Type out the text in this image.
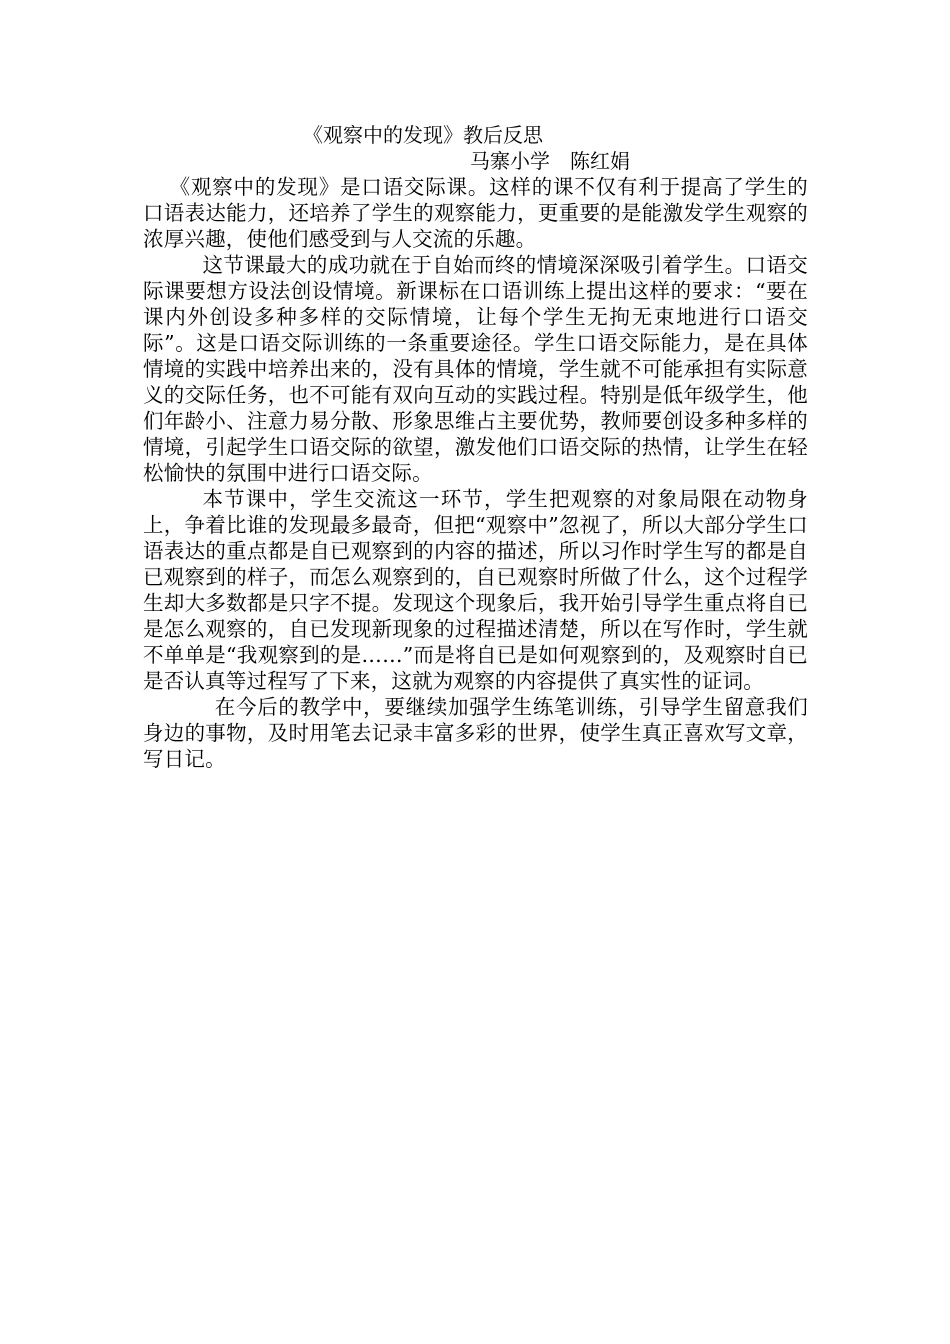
《观察中的发现》教后反思
马寨小学　陈红娟

《观察中的发现》是口语交际课。这样的课不仅有利于提高了学生的口语表达能力，还培养了学生的观察能力，更重要的是能激发学生观察的浓厚兴趣，使他们感受到与人交流的乐趣。

这节课最大的成功就在于自始而终的情境深深吸引着学生。口语交际课要想方设法创设情境。新课标在口语训练上提出这样的要求：“要在课内外创设多种多样的交际情境，让每个学生无拘无束地进行口语交际”。这是口语交际训练的一条重要途径。学生口语交际能力，是在具体情境的实践中培养出来的，没有具体的情境，学生就不可能承担有实际意义的交际任务，也不可能有双向互动的实践过程。特别是低年级学生，他们年龄小、注意力易分散、形象思维占主要优势，教师要创设多种多样的情境，引起学生口语交际的欲望，激发他们口语交际的热情，让学生在轻松愉快的氛围中进行口语交际。

本节课中，学生交流这一环节，学生把观察的对象局限在动物身上，争着比谁的发现最多最奇，但把“观察中”忽视了，所以大部分学生口语表达的重点都是自已观察到的内容的描述，所以习作时学生写的都是自已观察到的样子，而怎么观察到的，自已观察时所做了什么，这个过程学生却大多数都是只字不提。发现这个现象后，我开始引导学生重点将自已是怎么观察的，自已发现新现象的过程描述清楚，所以在写作时，学生就不单单是“我观察到的是……”而是将自已是如何观察到的，及观察时自已是否认真等过程写了下来，这就为观察的内容提供了真实性的证词。

在今后的教学中，要继续加强学生练笔训练，引导学生留意我们身边的事物，及时用笔去记录丰富多彩的世界，使学生真正喜欢写文章，写日记。
